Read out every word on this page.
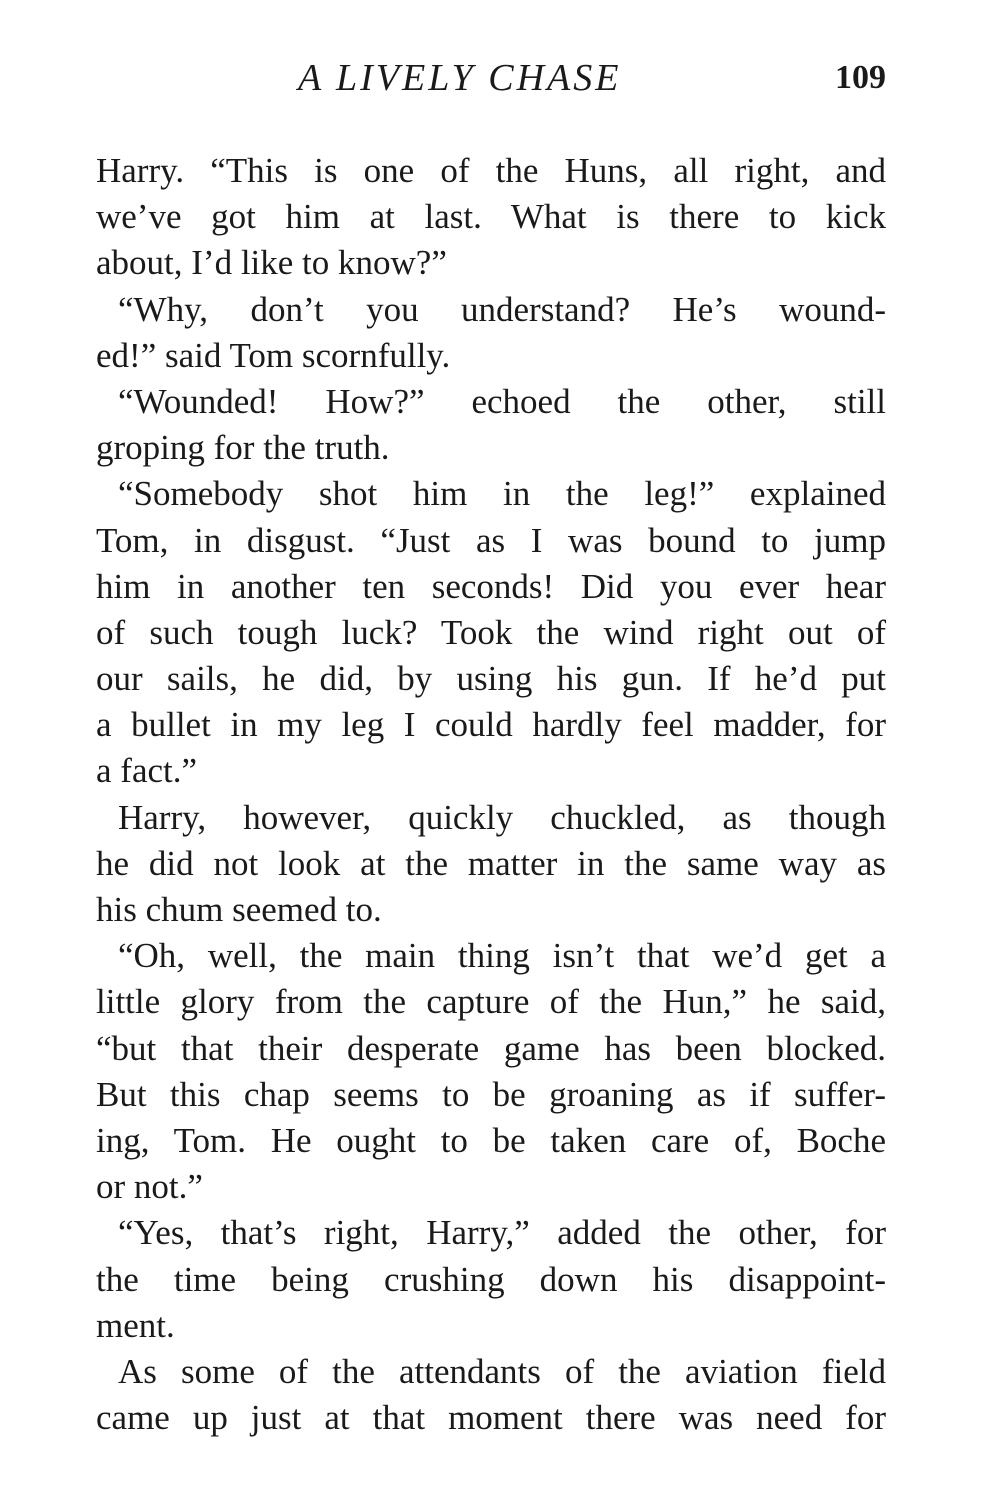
A LIVELY CHASE	109
Harry. “This is one of the Huns, all right, and
we’ve got him at last. What is there to kick
about, I’d like to know?”
“Why, don’t you understand? He’s wound-
ed!” said Tom scornfully.
“Wounded! How?” echoed the other, still
groping for the truth.
“Somebody shot him in the leg!” explained
Tom, in disgust. “Just as I was bound to jump
him in another ten seconds! Did you ever hear
of such tough luck? Took the wind right out of
our sails, he did, by using his gun. If he’d put
a bullet in my leg I could hardly feel madder, for
a fact.”
Harry, however, quickly chuckled, as though
he did not look at the matter in the same way as
his chum seemed to.
“Oh, well, the main thing isn’t that we’d get a
little glory from the capture of the Hun,” he said,
“but that their desperate game has been blocked.
But this chap seems to be groaning as if suffer-
ing, Tom. He ought to be taken care of, Boche
or not.”
“Yes, that’s right, Harry,” added the other, for
the time being crushing down his disappoint-
ment.
As some of the attendants of the aviation field
came up just at that moment there was need for
